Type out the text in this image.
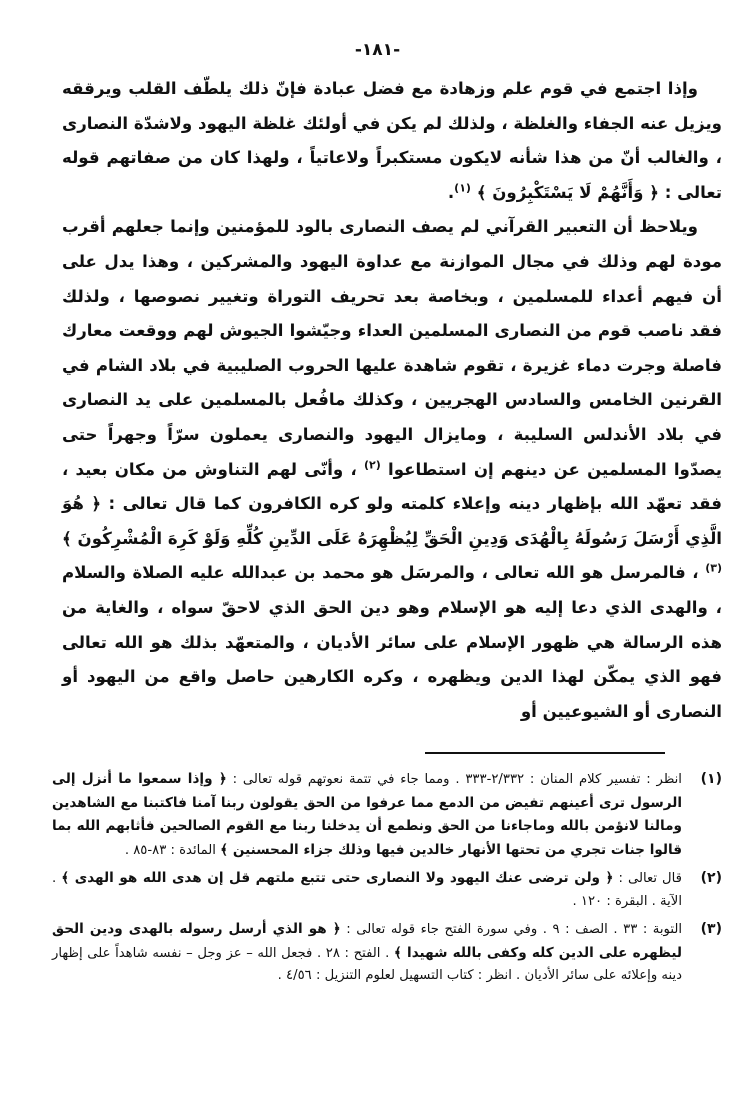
-١٨١-

وإذا اجتمع في قوم علم وزهادة مع فضل عبادة فإنّ ذلك يلطّف القلب ويرققه ويزيل عنه الجفاء والغلظة ، ولذلك لم يكن في أولئك غلظة اليهود ولاشدّة النصارى ، والغالب أنّ من هذا شأنه لايكون مستكبراً ولاعاتياً ، ولهذا كان من صفاتهم قوله تعالى : ﴿ وَأَنَّهُمْ لَا يَسْتَكْبِرُونَ ﴾ $^{(١)}$.

ويلاحظ أن التعبير القرآني لم يصف النصارى بالود للمؤمنين وإنما جعلهم أقرب مودة لهم وذلك في مجال الموازنة مع عداوة اليهود والمشركين ، وهذا يدل على أن فيهم أعداء للمسلمين ، وبخاصة بعد تحريف التوراة وتغيير نصوصها ، ولذلك فقد ناصب قوم من النصارى المسلمين العداء وجيّشوا الجيوش لهم ووقعت معارك فاصلة وجرت دماء غزيرة ، تقوم شاهدة عليها الحروب الصليبية في بلاد الشام في القرنين الخامس والسادس الهجريين ، وكذلك مافُعل بالمسلمين على يد النصارى في بلاد الأندلس السليبة ، ومايزال اليهود والنصارى يعملون سرّاً وجهراً حتى يصدّوا المسلمين عن دينهم إن استطاعوا $^{(٢)}$ ، وأنّى لهم التناوش من مكان بعيد ، فقد تعهّد الله بإظهار دينه وإعلاء كلمته ولو كره الكافرون كما قال تعالى : ﴿ هُوَ الَّذِي أَرْسَلَ رَسُولَهُ بِالْهُدَى وَدِينِ الْحَقِّ لِيُظْهِرَهُ عَلَى الدِّينِ كُلِّهِ وَلَوْ كَرِهَ الْمُشْرِكُونَ ﴾ $^{(٣)}$ ، فالمرسل هو الله تعالى ، والمرسَل هو محمد بن عبدالله عليه الصلاة والسلام ، والهدى الذي دعا إليه هو الإسلام وهو دين الحق الذي لاحقّ سواه ، والغاية من هذه الرسالة هي ظهور الإسلام على سائر الأديان ، والمتعهّد بذلك هو الله تعالى فهو الذي يمكّن لهذا الدين ويظهره ، وكره الكارهين حاصل واقع من اليهود أو النصارى أو الشيوعيين أو

(١)
انظر : تفسير كلام المنان : ٢/٣٣٢-٣٣٣ . ومما جاء في تتمة نعوتهم قوله تعالى : ﴿ وإذا سمعوا ما أنزل إلى الرسول ترى أعينهم تفيض من الدمع مما عرفوا من الحق يقولون ربنا آمنا فاكتبنا مع الشاهدين ومالنا لانؤمن بالله وماجاءنا من الحق ونطمع أن يدخلنا ربنا مع القوم الصالحين فأثابهم الله بما قالوا جنات تجري من تحتها الأنهار خالدين فيها وذلك جزاء المحسنين ﴾ المائدة : ٨٣-٨٥ .
(٢)
قال تعالى : ﴿ ولن ترضى عنك اليهود ولا النصارى حتى تتبع ملتهم قل إن هدى الله هو الهدى ﴾ . الآية . البقرة : ١٢٠ .
(٣)
التوبة : ٣٣ . الصف : ٩ . وفي سورة الفتح جاء قوله تعالى : ﴿ هو الذي أرسل رسوله بالهدى ودين الحق ليظهره على الدين كله وكفى بالله شهيدا ﴾ . الفتح : ٢٨ . فجعل الله – عز وجل – نفسه شاهداً على إظهار دينه وإعلائه على سائر الأديان . انظر : كتاب التسهيل لعلوم التنزيل : ٤/٥٦ .
